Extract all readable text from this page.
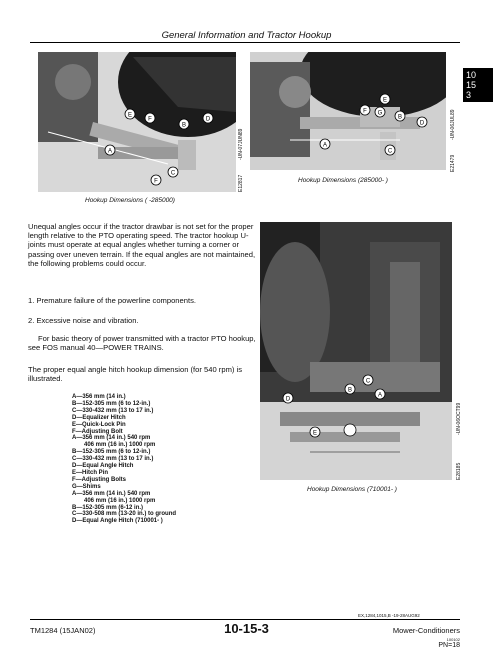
General Information and Tractor Hookup
10
15
3
E
F
B
D
A
F
C
-UN-07JUN89
E12817
Hookup Dimensions ( -285000)
F G
E
B
D
A
C
-UN-06JUL89
E21479
Hookup Dimensions (285000- )
Unequal angles occur if the tractor drawbar is not set for the proper length relative to the PTO operating speed. The tractor hookup U-joints must operate at equal angles whether turning a corner or passing over uneven terrain. If the equal angles are not maintained, the following problems could occur.
1. Premature failure of the powerline components.
2. Excessive noise and vibration.
For basic theory of power transmitted with a tractor PTO hookup, see FOS manual 40—POWER TRAINS.
The proper equal angle hitch hookup dimension (for 540 rpm) is illustrated.
A—356 mm (14 in.)
B—152-305 mm (6 to 12-in.)
C—330-432 mm (13 to 17 in.)
D—Equalizer Hitch
E—Quick-Lock Pin
F—Adjusting Bolt
A—356 mm (14 in.) 540 rpm
406 mm (16 in.) 1000 rpm
B—152-305 mm (6 to 12-in.)
C—330-432 mm (13 to 17 in.)
D—Equal Angle Hitch
E—Hitch Pin
F—Adjusting Bolts
G—Shims
A—356 mm (14 in.) 540 rpm
406 mm (16 in.) 1000 rpm
B—152-305 mm (6-12 in.)
C—330-508 mm (13-20 in.) to ground
D—Equal Angle Hitch (710001- )
B
C
A
D
E	-UN-06OCT99
E28185
Hookup Dimensions (710001- )
EX,1284,1015,B -19-28AUG92
TM1284 (15JAN02)	10-15-3	Mower-Conditioners
100102
PN=18
